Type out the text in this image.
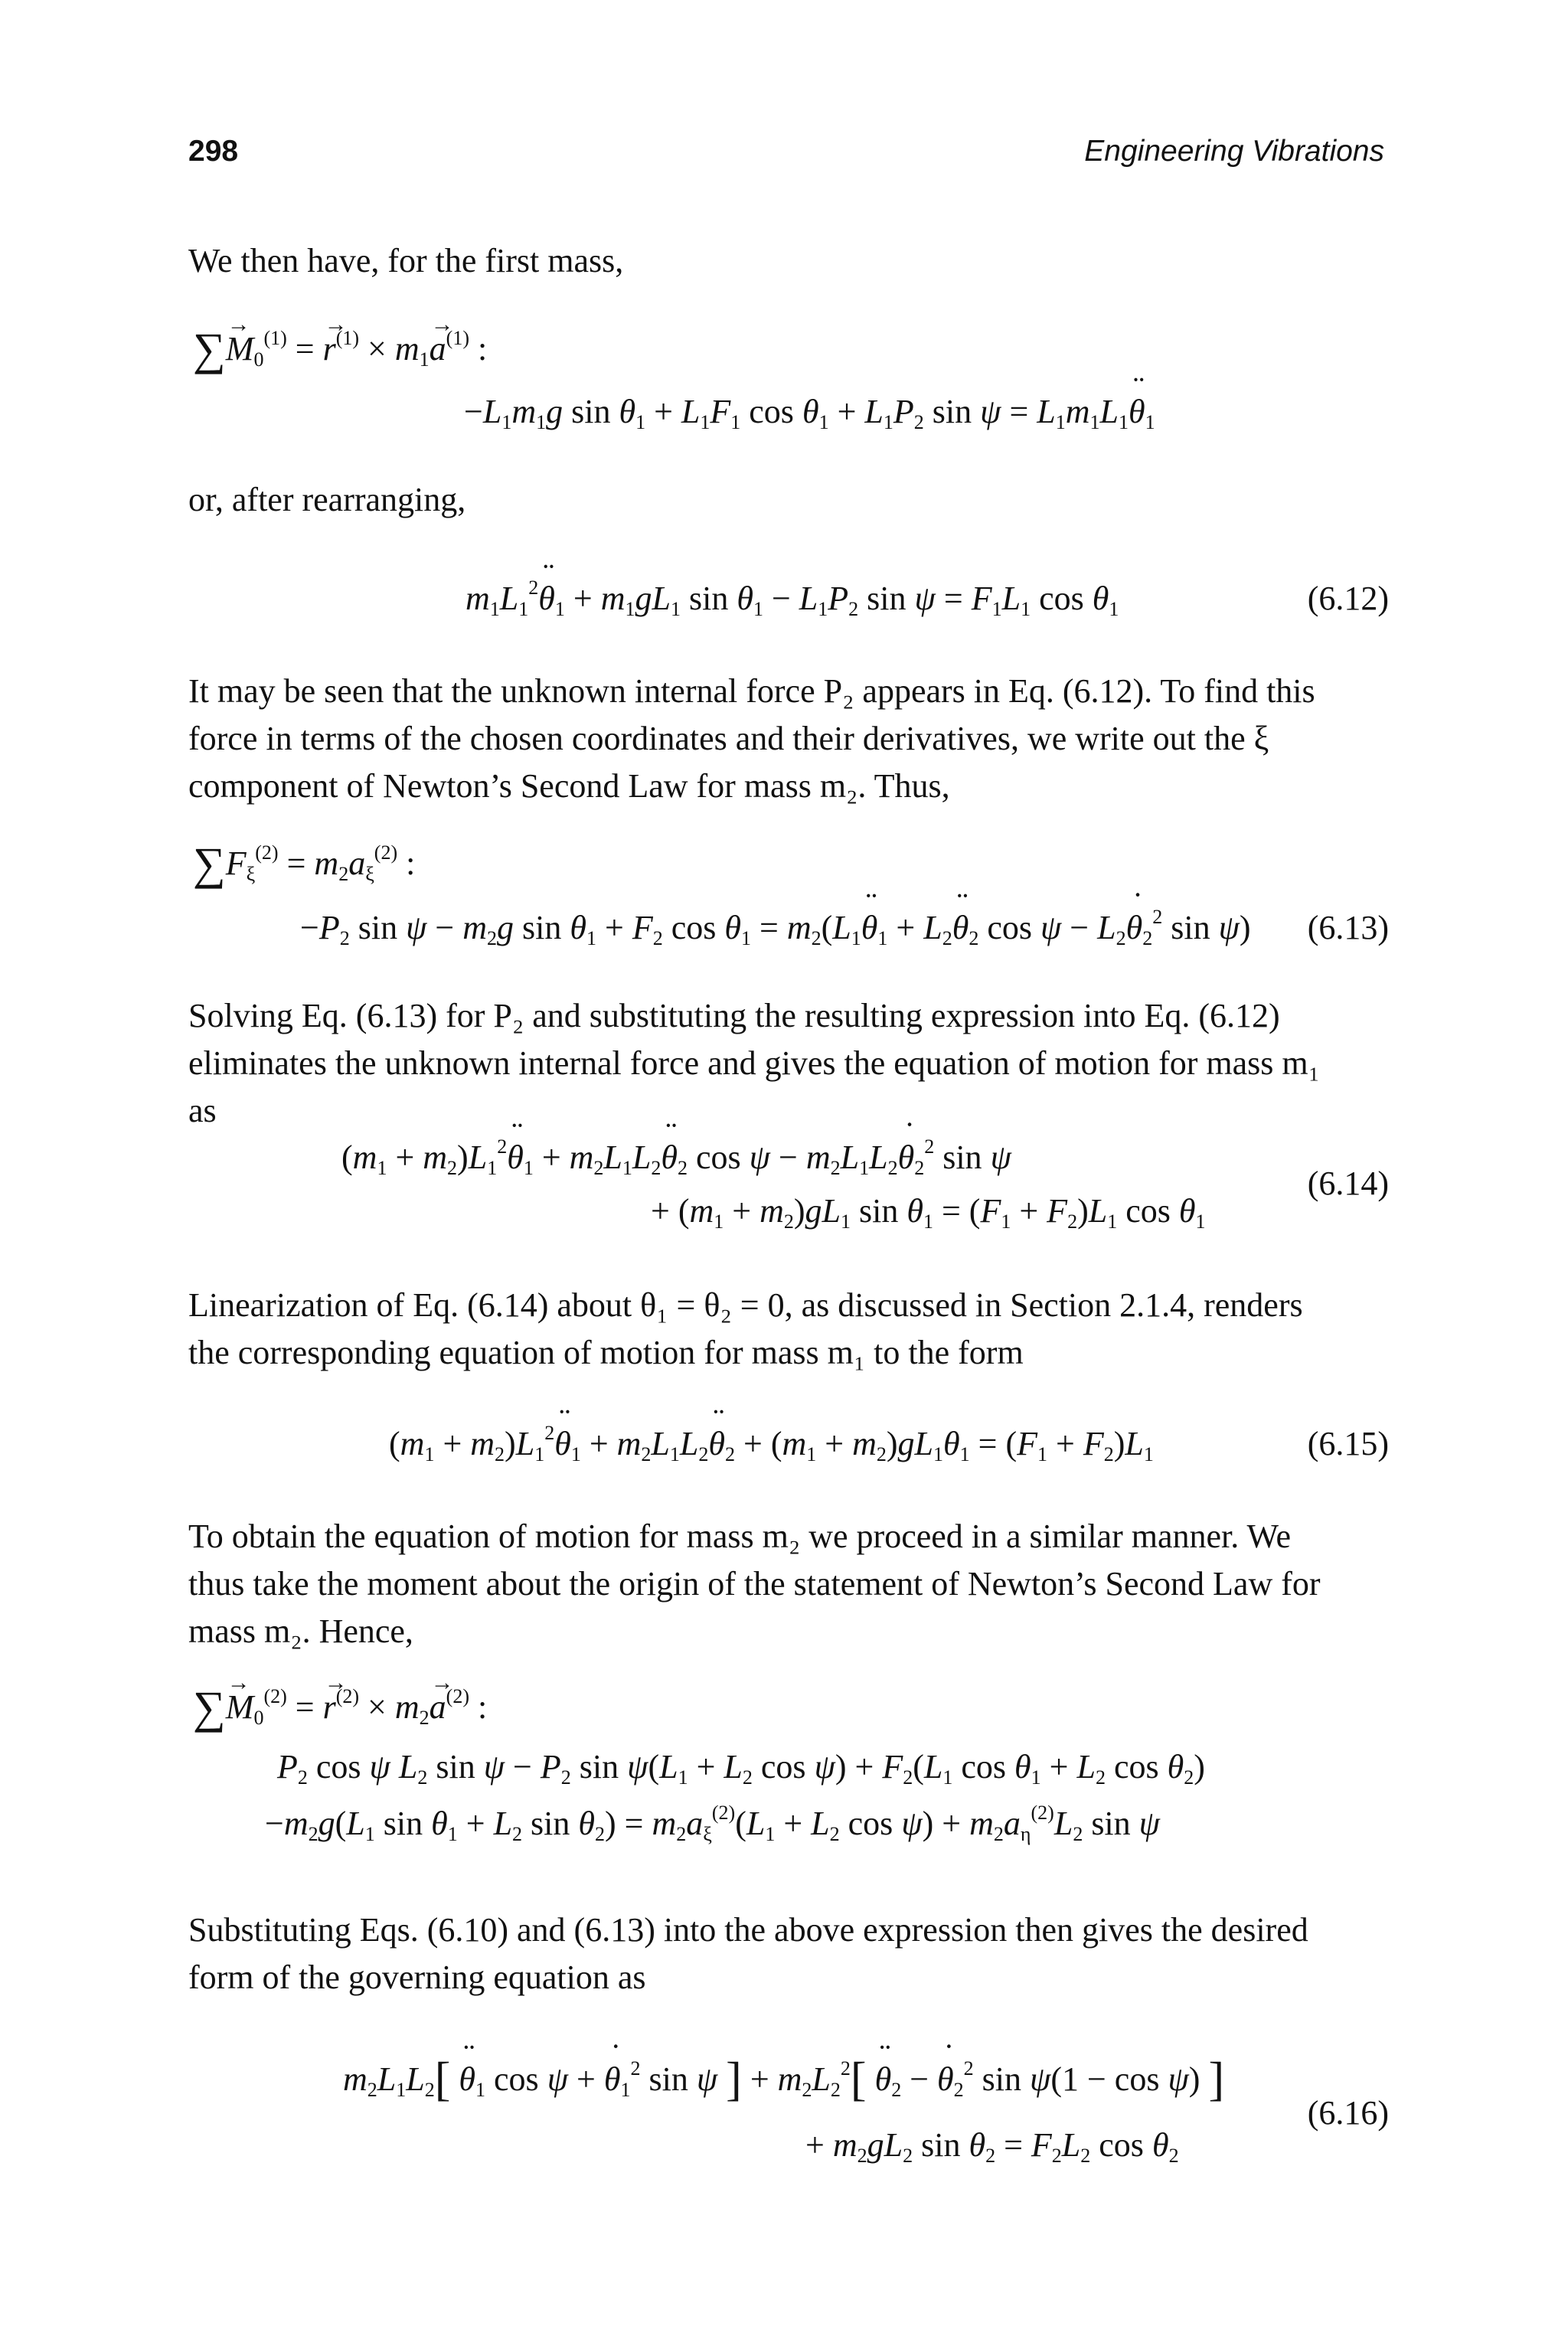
298	Engineering Vibrations
We then have, for the first mass,
∑→ $M_0^{(1)}$ = → $r^{(1)} \times m_1\to a^{(1)}$ :
$-L_1m_1g$ $\sin \theta_1 + L_1F_1$ $\cos \theta_1 + L_1P_2$ $\sin \psi = L_1m_1L_1¨$ $\theta_1$
or, after rearranging,
$m_1L_1^2¨$ $\theta_1 + m_1gL_1$ $\sin \theta_1 - L_1P_2$ $\sin \psi = F_1L_1$ $\cos \theta_1$	(6.12)
It may be seen that the unknown internal force P₂ appears in Eq. (6.12). To find this
force in terms of the chosen coordinates and their derivatives, we write out the ξ
component of Newton’s Second Law for mass m₂. Thus,
$\sum F_\xi^{(2)} = m_2a_\xi^{(2)}$ :
$-P_2$ $\sin \psi - m_2g$ $\sin \theta_1 + F_2$ $\cos \theta_1$ = $m_2(L_1¨$ $\theta_1$ + $L_2¨$ $\theta_2$ $\cos \psi - L_2˙$ $\theta_2^2$ sin ψ) (6.13)
Solving Eq. (6.13) for P₂ and substituting the resulting expression into Eq. (6.12)
eliminates the unknown internal force and gives the equation of motion for mass m₁
as
($m_1$ + $m_2)L_1^2¨$ $\theta_1$ + $m_2L_1L_2¨$ $\theta_2$ $\cos \psi - m_2L_1L_2˙$ $\theta_2^2$ sin ψ
+ $(m_1 + m_2)gL_1$ $\sin \theta_1 = (F_1 + F_2)L_1$ $\cos \theta_1$
(6.14)
Linearization of Eq. (6.14) about θ₁ = θ₂ = 0, as discussed in Section 2.1.4, renders
the corresponding equation of motion for mass m₁ to the form
($m_1$ + $m_2)L_1^2¨$ $\theta_1$ + $m_2L_1L_2¨$ $\theta_2 + (m_1 + m_2)gL_1\theta_1 = (F_1 + F_2)L_1$	(6.15)
To obtain the equation of motion for mass m₂ we proceed in a similar manner. We
thus take the moment about the origin of the statement of Newton’s Second Law for
mass m₂. Hence,
∑→ $M_0^{(2)}$ = → $r^{(2)} \times m_2\to a^{(2)}$ :
$P_2$ cos ψ $L_2$ $\sin \psi - P_2$ $\sin \psi(L_1 + L_2$ $\cos \psi) + F_2(L_1$ $\cos \theta_1 + L_2$ $\cos \theta_2$)
$-m_2g(L_1$ $\sin \theta_1 + L_2$ $\sin \theta_2) = m_2a_\xi^{(2)}(L_1 + L_2$ $\cos \psi) + m_2a_\eta^{(2)}L_2$ sin ψ
Substituting Eqs. (6.10) and (6.13) into the above expression then gives the desired
form of the governing equation as
$m_2L_1L_2$[ ¨ $\theta_1$ cos ψ + ˙ $\theta_1^2$ sin ψ ] + $m_2L_2^2$[ ¨ $\theta_2$ − ˙ $\theta_2^2$ sin ψ(1 − cos ψ) ]
+ $m_2gL_2$ $\sin \theta_2 = F_2L_2$ $\cos \theta_2$
(6.16)
